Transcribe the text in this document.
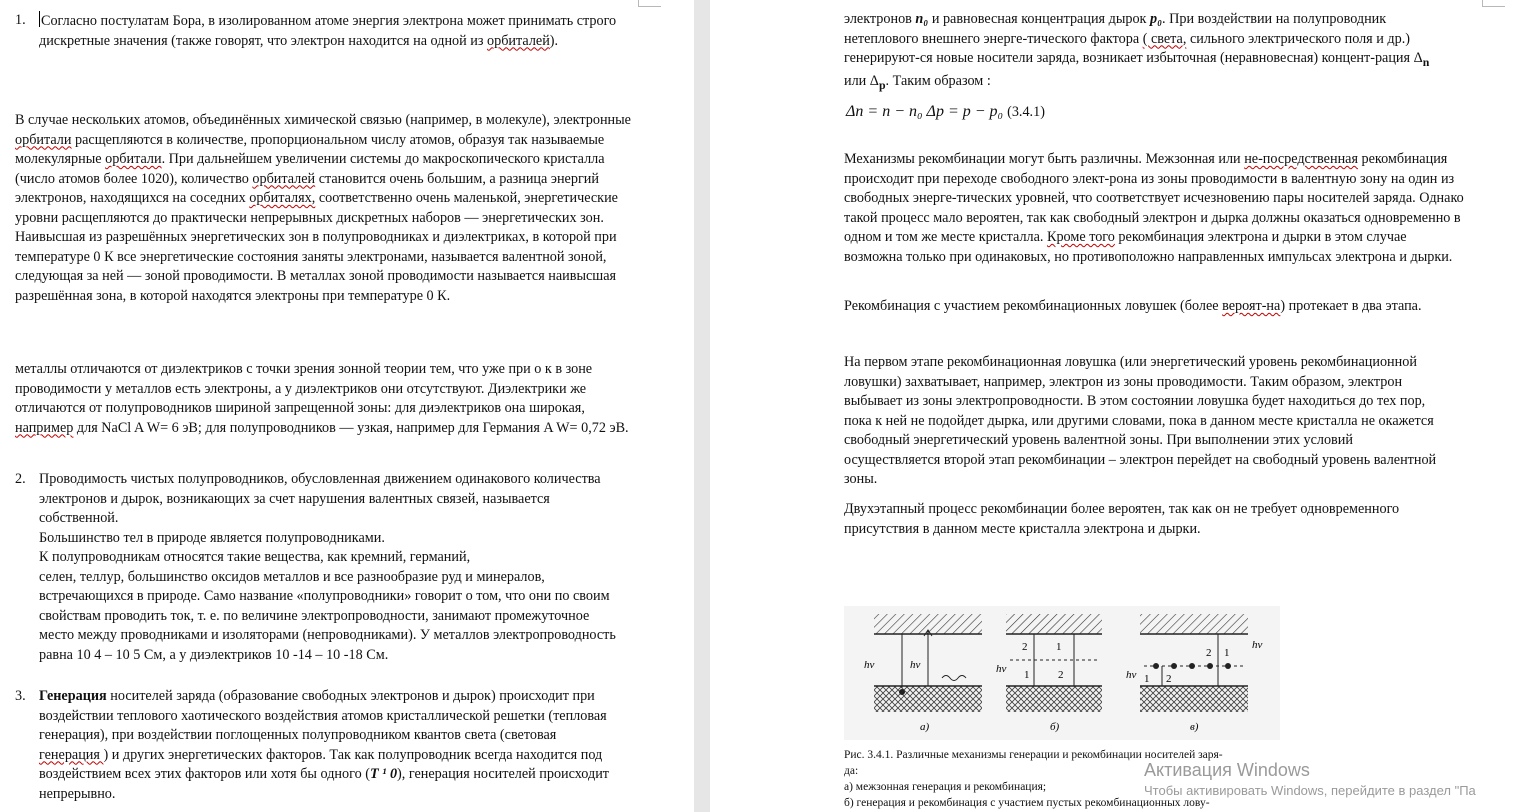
1. Согласно постулатам Бора, в изолированном атоме энергия электрона может принимать строго дискретные значения (также говорят, что электрон находится на одной из орбиталей).

В случае нескольких атомов, объединённых химической связью (например, в молекуле), электронные орбитали расщепляются в количестве, пропорциональном числу атомов, образуя так называемые молекулярные орбитали. При дальнейшем увеличении системы до макроскопического кристалла (число атомов более 1020), количество орбиталей становится очень большим, а разница энергий электронов, находящихся на соседних орбиталях, соответственно очень маленькой, энергетические уровни расщепляются до практически непрерывных дискретных наборов — энергетических зон. Наивысшая из разрешённых энергетических зон в полупроводниках и диэлектриках, в которой при температуре 0 К все энергетические состояния заняты электронами, называется валентной зоной, следующая за ней — зоной проводимости. В металлах зоной проводимости называется наивысшая разрешённая зона, в которой находятся электроны при температуре 0 К.

металлы отличаются от диэлектриков с точки зрения зонной теории тем, что уже при о к в зоне проводимости у металлов есть электроны, а у диэлектриков они отсутствуют. Диэлектрики же отличаются от полупроводников шириной запрещенной зоны: для диэлектриков она широкая, например для NaCl A W= 6 эВ; для полупроводников — узкая, например для Германия A W= 0,72 эВ.

2. Проводимость чистых полупроводников, обусловленная движением одинакового количества электронов и дырок, возникающих за счет нарушения валентных связей, называется собственной.

Большинство тел в природе является полупроводниками.

К полупроводникам относятся такие вещества, как кремний, германий,

селен, теллур, большинство оксидов металлов и все разнообразие руд и минералов, встречающихся в природе. Само название «полупроводники» говорит о том, что они по своим свойствам проводить ток, т. е. по величине электропроводности, занимают промежуточное место между проводниками и изоляторами (непроводниками). У металлов электропроводность равна 10 4 – 10 5 См, а у диэлектриков 10 -14 – 10 -18 См.

3. Генерация носителей заряда (образование свободных электронов и дырок) происходит при воздействии теплового хаотического воздействия атомов кристаллической решетки (тепловая генерация), при воздействии поглощенных полупроводником квантов света (световая генерация ) и других энергетических факторов. Так как полупроводник всегда находится под воздействием всех этих факторов или хотя бы одного (T ¹ 0), генерация носителей происходит непрерывно.

электронов n₀ и равновесная концентрация дырок p₀. При воздействии на полупроводник нетеплового внешнего энерге-тического фактора ( света, сильного электрического поля и др.) генерируют-ся новые носители заряда, возникает избыточная (неравновесная) концент-рация $\Delta_n$ или $\Delta_p$. Таким образом :

Δn = n − n₀ Δp = p − p₀ (3.4.1)

Механизмы рекомбинации могут быть различны. Межзонная или не-посредственная рекомбинация происходит при переходе свободного элект-рона из зоны проводимости в валентную зону на один из свободных энерге-тических уровней, что соответствует исчезновению пары носителей заряда. Однако такой процесс мало вероятен, так как свободный электрон и дырка должны оказаться одновременно в одном и том же месте кристалла. Кроме того рекомбинация электрона и дырки в этом случае возможна только при одинаковых, но противоположно направленных импульсах электрона и дырки.

Рекомбинация с участием рекомбинационных ловушек (более вероят-на) протекает в два этапа.

На первом этапе рекомбинационная ловушка (или энергетический уровень рекомбинационной ловушки) захватывает, например, электрон из зоны проводимости. Таким образом, электрон выбывает из зоны электропроводности. В этом состоянии ловушка будет находиться до тех пор, пока к ней не подойдет дырка, или другими словами, пока в данном месте кристалла не окажется свободный энергетический уровень валентной зоны. При выполнении этих условий осуществляется второй этап рекомбинации – электрон перейдет на свободный уровень валентной зоны.

Двухэтапный процесс рекомбинации более вероятен, так как он не требует одновременного присутствия в данном месте кристалла электрона и дырки.

hν	hν
а)
2	1
1	2
hν
б)
2 1
2
1
hν
hν
в)
Рис. 3.4.1. Различные механизмы генерации и рекомбинации носителей заря-
да:
а) межзонная генерация и рекомбинация;
б) генерация и рекомбинация с участием пустых рекомбинационных лову-
Активация Windows
Чтобы активировать Windows, перейдите в раздел "Па
